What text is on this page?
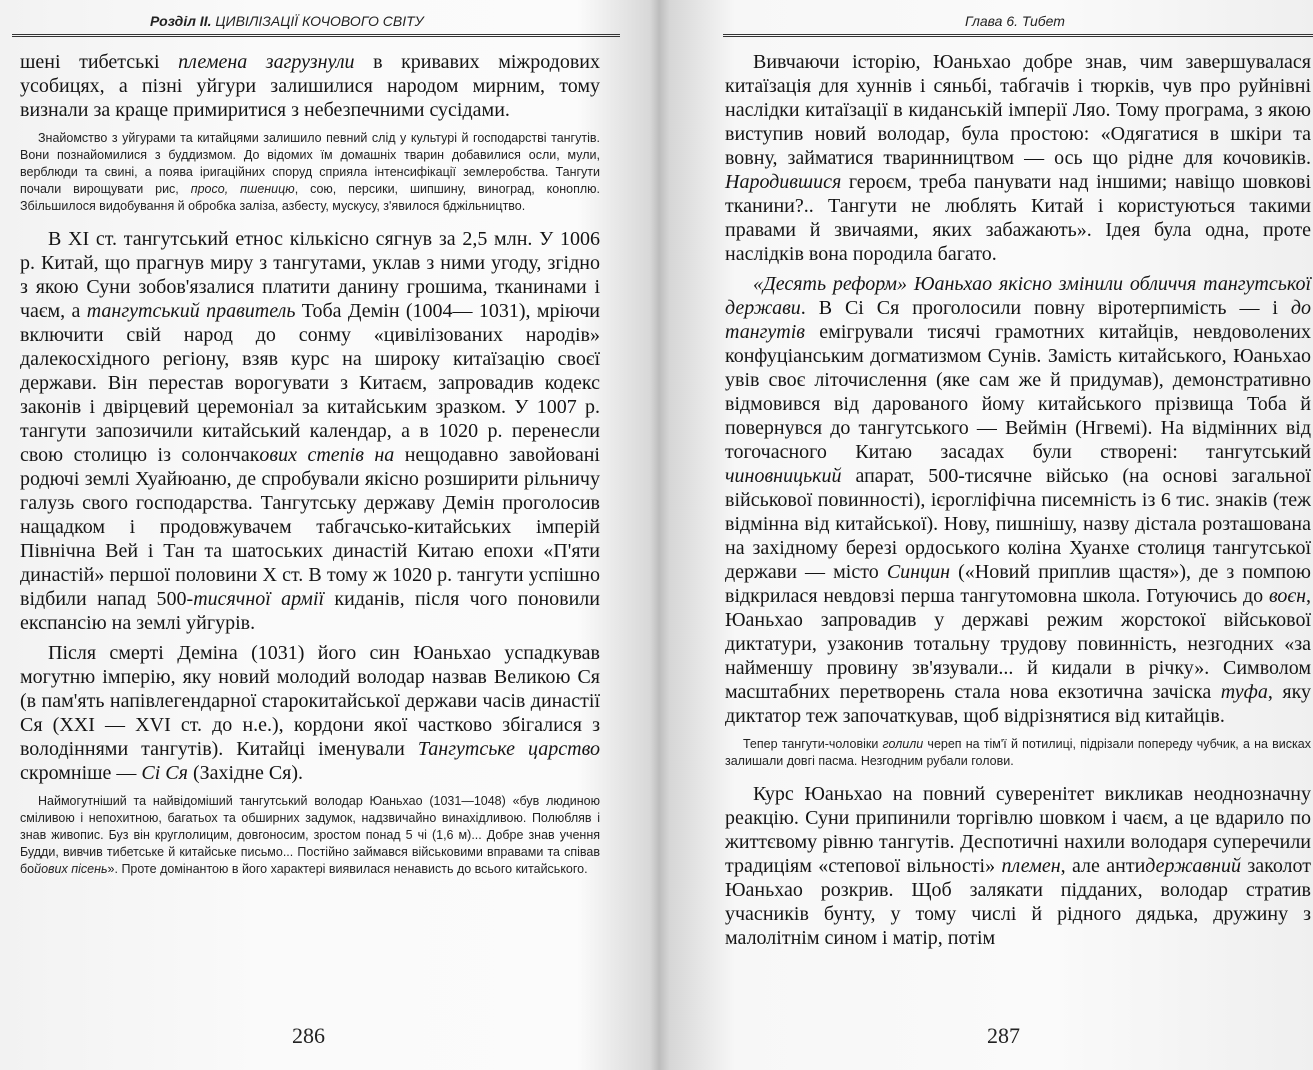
Розділ ІІ. ЦИВІЛІЗАЦІЇ КОЧОВОГО СВІТУ

шені тибетські племена загрузнули в кривавих міжродових усобицях, а пізні уйгури залишилися народом мирним, тому визнали за краще примиритися з небезпечними сусідами.

Знайомство з уйгурами та китайцями залишило певний слід у культурі й господарстві тангутів. Вони познайомилися з буддизмом. До відомих їм домашніх тварин добавилися осли, мули, верблюди та свині, а поява іригаційних споруд сприяла інтенсифікації землеробства. Тангути почали вирощувати рис, просо, пшеницю, сою, персики, шипшину, виноград, коноплю. Збільшилося видобування й обробка заліза, азбесту, мускусу, з'явилося бджільництво.

В XI ст. тангутський етнос кількісно сягнув за 2,5 млн. У 1006 р. Китай, що прагнув миру з тангутами, уклав з ними угоду, згідно з якою Суни зобов'язалися платити данину грошима, тканинами і чаєм, а тангутський правитель Тоба Демін (1004— 1031), мріючи включити свій народ до сонму «цивілізованих народів» далекосхідного регіону, взяв курс на широку китаїзацію своєї держави. Він перестав ворогувати з Китаєм, запровадив кодекс законів і двірцевий церемоніал за китайським зразком. У 1007 р. тангути запозичили китайський календар, а в 1020 р. перенесли свою столицю із солончакових степів на нещодавно завойовані родючі землі Хуайюаню, де спробували якісно розширити рільничу галузь свого господарства. Тангутську державу Демін проголосив нащадком і продовжувачем табгачсько-китайських імперій Північна Вей і Тан та шатоських династій Китаю епохи «П'яти династій» першої половини X ст. В тому ж 1020 р. тангути успішно відбили напад 500-тисячної армії киданів, після чого поновили експансію на землі уйгурів.

Після смерті Деміна (1031) його син Юаньхао успадкував могутню імперію, яку новий молодий володар назвав Великою Ся (в пам'ять напівлегендарної старокитайської держави часів династії Ся (XXI — XVI ст. до н.е.), кордони якої частково збігалися з володіннями тангутів). Китайці іменували Тангутське царство скромніше — Сі Ся (Західне Ся).

Наймогутніший та найвідоміший тангутський володар Юаньхао (1031—1048) «був людиною сміливою і непохитною, багатьох та обширних задумок, надзвичайно винахідливою. Полюбляв і знав живопис. Буз він круглолицим, довгоносим, зростом понад 5 чі (1,6 м)... Добре знав учення Будди, вивчив тибетське й китайське письмо... Постійно займався військовими вправами та співав бойових пісень». Проте домінантою в його характері виявилася ненависть до всього китайського.

286
Глава 6. Тибет

Вивчаючи історію, Юаньхао добре знав, чим завершувалася китаїзація для хуннів і сяньбі, табгачів і тюрків, чув про руйнівні наслідки китаїзації в киданській імперії Ляо. Тому програма, з якою виступив новий володар, була простою: «Одягатися в шкіри та вовну, займатися тваринництвом — ось що рідне для кочовиків. Народившися героєм, треба панувати над іншими; навіщо шовкові тканини?.. Тангути не люблять Китай і користуються такими правами й звичаями, яких забажають». Ідея була одна, проте наслідків вона породила багато.

«Десять реформ» Юаньхао якісно змінили обличчя тангутської держави. В Сі Ся проголосили повну віротерпимість — і до тангутів емігрували тисячі грамотних китайців, невдоволених конфуціанським догматизмом Сунів. Замість китайського, Юаньхао увів своє літочислення (яке сам же й придумав), демонстративно відмовився від дарованого йому китайського прізвища Тоба й повернувся до тангутського — Веймін (Нгвемі). На відмінних від тогочасного Китаю засадах були створені: тангутський чиновницький апарат, 500-тисячне військо (на основі загальної військової повинності), ієрогліфічна писемність із 6 тис. знаків (теж відмінна від китайської). Нову, пишнішу, назву дістала розташована на західному березі ордоського коліна Хуанхе столиця тангутської держави — місто Синцин («Новий приплив щастя»), де з помпою відкрилася невдовзі перша тангутомовна школа. Готуючись до воєн, Юаньхао запровадив у державі режим жорстокої військової диктатури, узаконив тотальну трудову повинність, незгодних «за найменшу провину зв'язували... й кидали в річку». Символом масштабних перетворень стала нова екзотична зачіска туфа, яку диктатор теж започаткував, щоб відрізнятися від китайців.

Тепер тангути-чоловіки голили череп на тім'ї й потилиці, підрізали попереду чубчик, а на висках залишали довгі пасма. Незгодним рубали голови.

Курс Юаньхао на повний суверенітет викликав неоднозначну реакцію. Суни припинили торгівлю шовком і чаєм, а це вдарило по життєвому рівню тангутів. Деспотичні нахили володаря суперечили традиціям «степової вільності» племен, але антидержавний заколот Юаньхао розкрив. Щоб залякати підданих, володар стратив учасників бунту, у тому числі й рідного дядька, дружину з малолітнім сином і матір, потім

287
